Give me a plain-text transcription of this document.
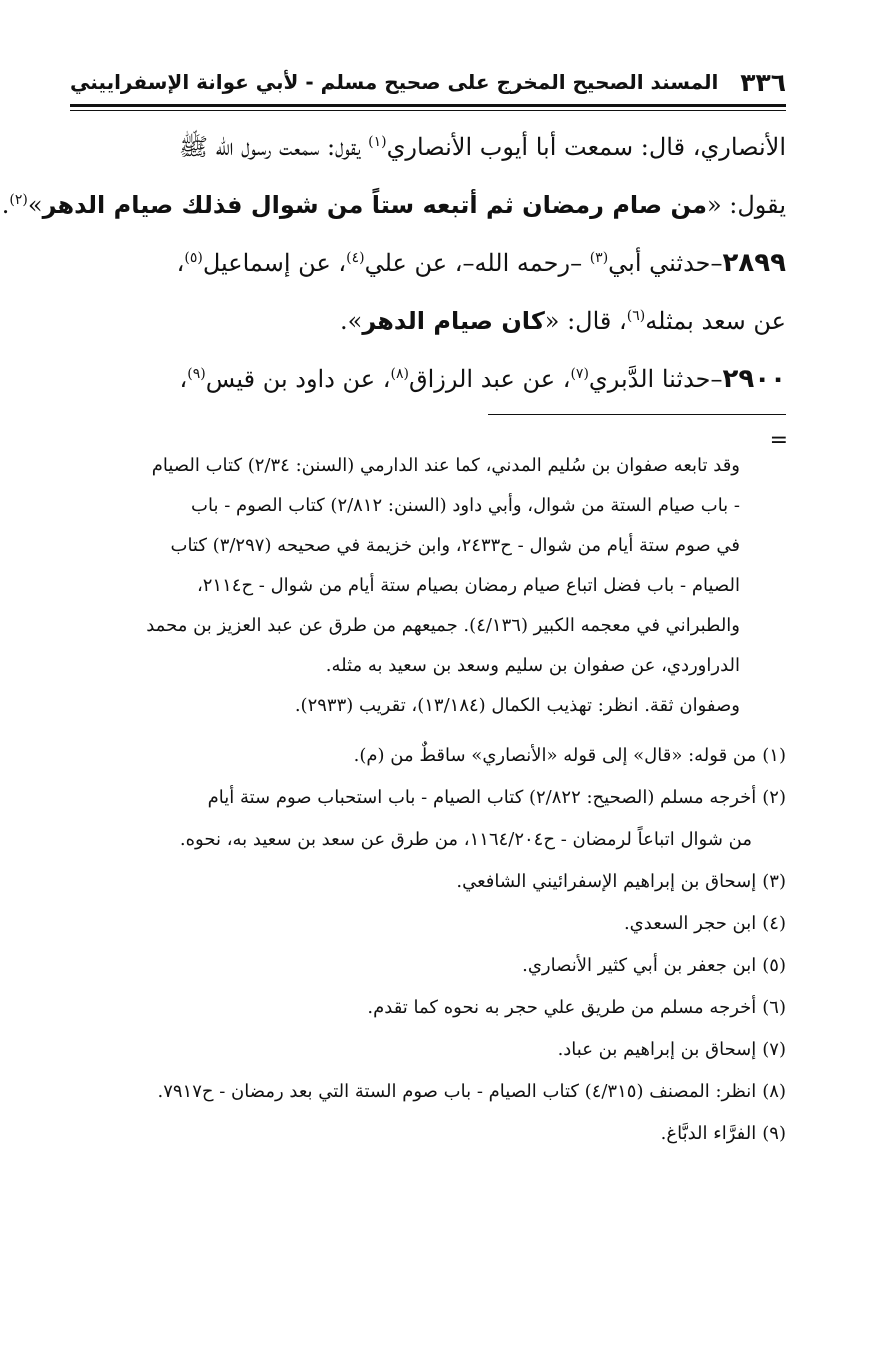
٣٣٦
المسند الصحيح المخرج على صحيح مسلم - لأبي عوانة الإسفراييني
الأنصاري، قال: سمعت أبا أيوب الأنصاري$^{(١)}$ يقول: سمعت رسول الله ﷺ
يقول: «من صام رمضان ثم أتبعه ستاً من شوال فذلك صيام الدهر»$^{(٢)}$.
٢٨٩٩–حدثني أبي$^{(٣)}$ –رحمه الله–، عن علي$^{(٤)}$، عن إسماعيل$^{(٥)}$،
عن سعد بمثله$^{(٦)}$، قال: «كان صيام الدهر».
٢٩٠٠–حدثنا الدَّبري$^{(٧)}$، عن عبد الرزاق$^{(٨)}$، عن داود بن قيس$^{(٩)}$،
=
وقد تابعه صفوان بن سُليم المدني، كما عند الدارمي (السنن: ٢/٣٤) كتاب الصيام
- باب صيام الستة من شوال، وأبي داود (السنن: ٢/٨١٢) كتاب الصوم - باب
في صوم ستة أيام من شوال - ح٢٤٣٣، وابن خزيمة في صحيحه (٣/٢٩٧) كتاب
الصيام - باب فضل اتباع صيام رمضان بصيام ستة أيام من شوال - ح٢١١٤،
والطبراني في معجمه الكبير (٤/١٣٦). جميعهم من طرق عن عبد العزيز بن محمد
الدراوردي، عن صفوان بن سليم وسعد بن سعيد به مثله.
وصفوان ثقة. انظر: تهذيب الكمال (١٣/١٨٤)، تقريب (٢٩٣٣).
(١)من قوله: «قال» إلى قوله «الأنصاري» ساقطٌ من (م).
(٢)أخرجه مسلم (الصحيح: ٢/٨٢٢) كتاب الصيام - باب استحباب صوم ستة أيام
من شوال اتباعاً لرمضان - ح١١٦٤/٢٠٤، من طرق عن سعد بن سعيد به، نحوه.
(٣)إسحاق بن إبراهيم الإسفرائيني الشافعي.
(٤)ابن حجر السعدي.
(٥)ابن جعفر بن أبي كثير الأنصاري.
(٦)أخرجه مسلم من طريق علي حجر به نحوه كما تقدم.
(٧)إسحاق بن إبراهيم بن عباد.
(٨)انظر: المصنف (٤/٣١٥) كتاب الصيام - باب صوم الستة التي بعد رمضان - ح٧٩١٧.
(٩)الفرَّاء الدبَّاغ.
